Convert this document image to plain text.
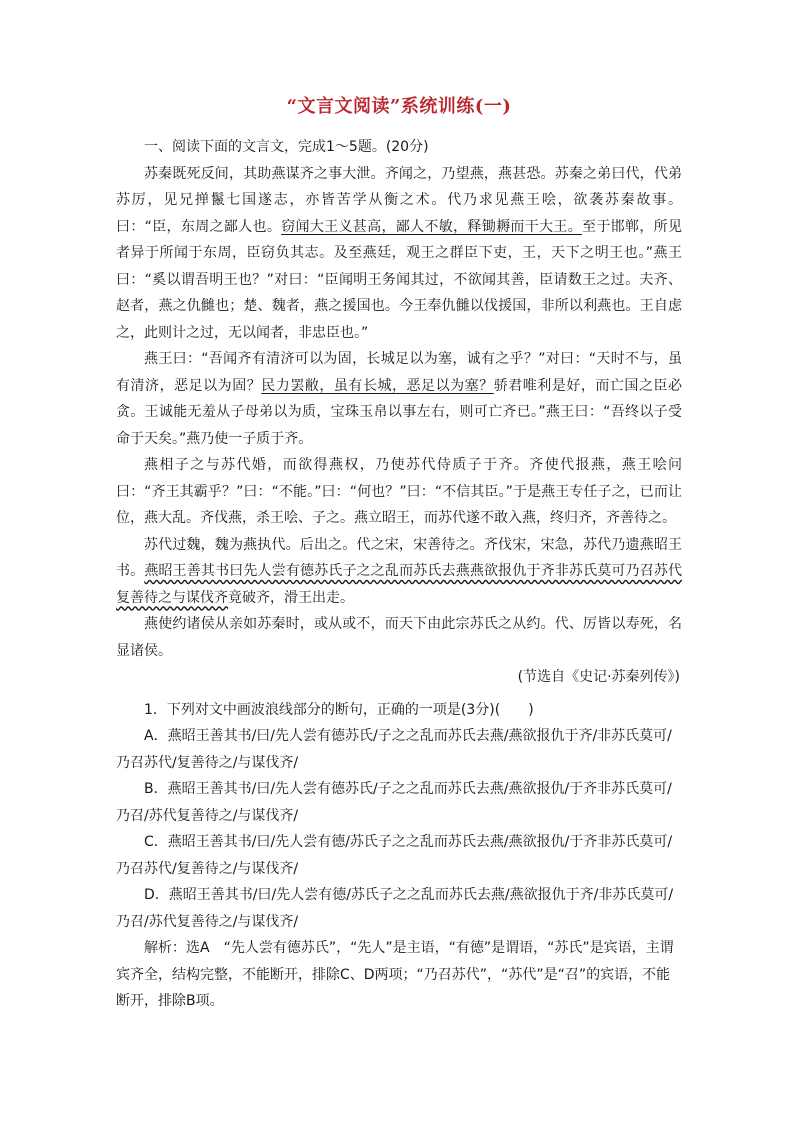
“文言文阅读”系统训练(一)

一、阅读下面的文言文，完成1～5题。(20分)

苏秦既死反间，其助燕谋齐之事大泄。齐闻之，乃望燕，燕甚恐。苏秦之弟曰代，代弟苏厉，见兄掸鬣七国遂志，亦皆苦学从衡之术。代乃求见燕王哙，欲袭苏秦故事。曰：“臣，东周之鄙人也。窃闻大王义甚高，鄙人不敏，释锄耨而干大王。至于邯郸，所见者异于所闻于东周，臣窃负其志。及至燕廷，观王之群臣下吏，王，天下之明王也。”燕王曰：“奚以谓吾明王也？”对曰：“臣闻明王务闻其过，不欲闻其善，臣请数王之过。夫齐、赵者，燕之仇雠也；楚、魏者，燕之援国也。今王奉仇雠以伐援国，非所以利燕也。王自虑之，此则计之过，无以闻者，非忠臣也。”

燕王曰：“吾闻齐有清济可以为固，长城足以为塞，诚有之乎？”对曰：“天时不与，虽有清济，恶足以为固？民力罢敝，虽有长城，恶足以为塞？骄君唯利是好，而亡国之臣必贪。王诚能无羞从子母弟以为质，宝珠玉帛以事左右，则可亡齐已。”燕王曰：“吾终以子受命于天矣。”燕乃使一子质于齐。

燕相子之与苏代婚，而欲得燕权，乃使苏代侍质子于齐。齐使代报燕，燕王哙问曰：“齐王其霸乎？”曰：“不能。”曰：“何也？”曰：“不信其臣。”于是燕王专任子之，已而让位，燕大乱。齐伐燕，杀王哙、子之。燕立昭王，而苏代遂不敢入燕，终归齐，齐善待之。

苏代过魏，魏为燕执代。后出之。代之宋，宋善待之。齐伐宋，宋急，苏代乃遗燕昭王书。燕昭王善其书曰先人尝有德苏氏子之之乱而苏氏去燕燕欲报仇于齐非苏氏莫可乃召苏代复善待之与谋伐齐竟破齐，滑王出走。

燕使约诸侯从亲如苏秦时，或从或不，而天下由此宗苏氏之从约。代、厉皆以寿死，名显诸侯。

(节选自《史记·苏秦列传》)

1．下列对文中画波浪线部分的断句，正确的一项是(3分)(　　)

A．燕昭王善其书/曰/先人尝有德苏氏/子之之乱而苏氏去燕/燕欲报仇于齐/非苏氏莫可/

乃召苏代/复善待之/与谋伐齐/

B．燕昭王善其书/曰/先人尝有德苏氏/子之之乱而苏氏去燕/燕欲报仇/于齐非苏氏莫可/

乃召/苏代复善待之/与谋伐齐/

C．燕昭王善其书/曰/先人尝有德/苏氏子之之乱而苏氏去燕/燕欲报仇/于齐非苏氏莫可/

乃召苏代/复善待之/与谋伐齐/

D．燕昭王善其书/曰/先人尝有德/苏氏子之之乱而苏氏去燕/燕欲报仇于齐/非苏氏莫可/

乃召/苏代复善待之/与谋伐齐/

解析：选A　“先人尝有德苏氏”，“先人”是主语，“有德”是谓语，“苏氏”是宾语，主谓宾齐全，结构完整，不能断开，排除C、D两项；“乃召苏代”，“苏代”是“召”的宾语，不能断开，排除B项。
